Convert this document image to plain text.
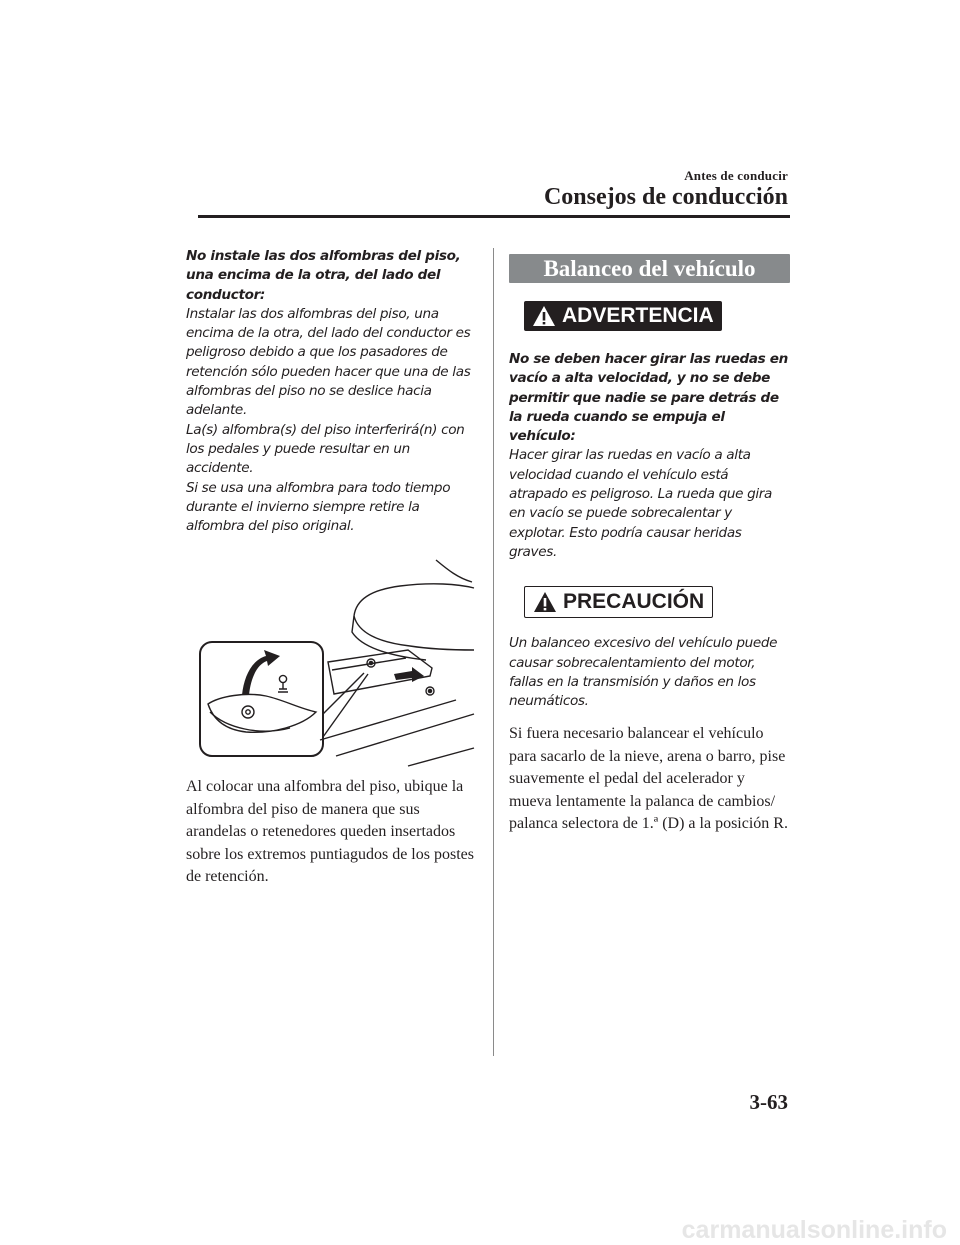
Antes de conducir
Consejos de conducción
No instale las dos alfombras del piso, una encima de la otra, del lado del conductor:
Instalar las dos alfombras del piso, una encima de la otra, del lado del conductor es peligroso debido a que los pasadores de retención sólo pueden hacer que una de las alfombras del piso no se deslice hacia adelante.
La(s) alfombra(s) del piso interferirá(n) con los pedales y puede resultar en un accidente.
Si se usa una alfombra para todo tiempo durante el invierno siempre retire la alfombra del piso original.
Al colocar una alfombra del piso, ubique la alfombra del piso de manera que sus arandelas o retenedores queden insertados sobre los extremos puntiagudos de los postes de retención.
Balanceo del vehículo
ADVERTENCIA
No se deben hacer girar las ruedas en vacío a alta velocidad, y no se debe permitir que nadie se pare detrás de la rueda cuando se empuja el vehículo:
Hacer girar las ruedas en vacío a alta velocidad cuando el vehículo está atrapado es peligroso. La rueda que gira en vacío se puede sobrecalentar y explotar. Esto podría causar heridas graves.
PRECAUCIÓN
Un balanceo excesivo del vehículo puede causar sobrecalentamiento del motor, fallas en la transmisión y daños en los neumáticos.
Si fuera necesario balancear el vehículo para sacarlo de la nieve, arena o barro, pise suavemente el pedal del acelerador y mueva lentamente la palanca de cambios/ palanca selectora de 1.ª (D) a la posición R.
3-63
carmanualsonline.info
